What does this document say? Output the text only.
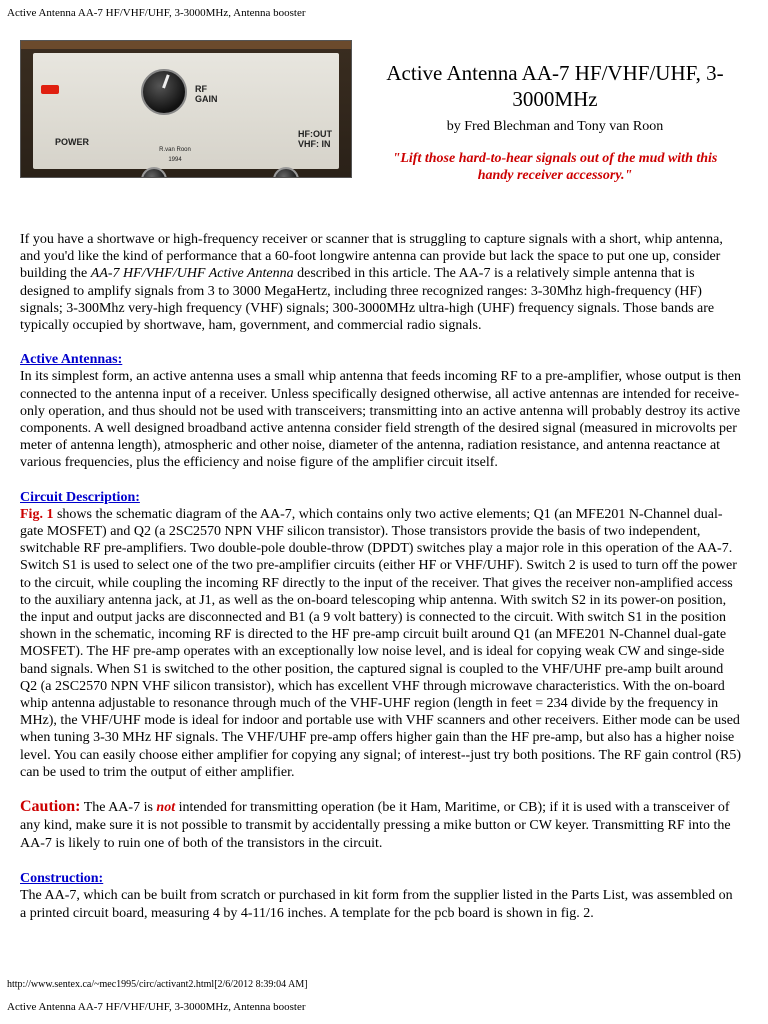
Active Antenna AA-7 HF/VHF/UHF, 3-3000MHz, Antenna booster
RF GAIN
POWER
HF:OUT VHF: IN
R.van Roon 1994
Active Antenna AA-7 HF/VHF/UHF, 3-3000MHz
by Fred Blechman and Tony van Roon
"Lift those hard-to-hear signals out of the mud with this handy receiver accessory."

If you have a shortwave or high-frequency receiver or scanner that is struggling to capture signals with a short, whip antenna, and you'd like the kind of performance that a 60-foot longwire antenna can provide but lack the space to put one up, consider building the AA-7 HF/VHF/UHF Active Antenna described in this article. The AA-7 is a relatively simple antenna that is designed to amplify signals from 3 to 3000 MegaHertz, including three recognized ranges: 3-30Mhz high-frequency (HF) signals; 3-300Mhz very-high frequency (VHF) signals; 300-3000MHz ultra-high (UHF) frequency signals. Those bands are typically occupied by shortwave, ham, government, and commercial radio signals.

Active Antennas:
In its simplest form, an active antenna uses a small whip antenna that feeds incoming RF to a pre-amplifier, whose output is then connected to the antenna input of a receiver. Unless specifically designed otherwise, all active antennas are intended for receive-only operation, and thus should not be used with transceivers; transmitting into an active antenna will probably destroy its active components. A well designed broadband active antenna consider field strength of the desired signal (measured in microvolts per meter of antenna length), atmospheric and other noise, diameter of the antenna, radiation resistance, and antenna reactance at various frequencies, plus the efficiency and noise figure of the amplifier circuit itself.

Circuit Description:
Fig. 1 shows the schematic diagram of the AA-7, which contains only two active elements; Q1 (an MFE201 N-Channel dual-gate MOSFET) and Q2 (a 2SC2570 NPN VHF silicon transistor). Those transistors provide the basis of two independent, switchable RF pre-amplifiers. Two double-pole double-throw (DPDT) switches play a major role in this operation of the AA-7. Switch S1 is used to select one of the two pre-amplifier circuits (either HF or VHF/UHF). Switch 2 is used to turn off the power to the circuit, while coupling the incoming RF directly to the input of the receiver. That gives the receiver non-amplified access to the auxiliary antenna jack, at J1, as well as the on-board telescoping whip antenna. With switch S2 in its power-on position, the input and output jacks are disconnected and B1 (a 9 volt battery) is connected to the circuit. With switch S1 in the position shown in the schematic, incoming RF is directed to the HF pre-amp circuit built around Q1 (an MFE201 N-Channel dual-gate MOSFET). The HF pre-amp operates with an exceptionally low noise level, and is ideal for copying weak CW and singe-side band signals. When S1 is switched to the other position, the captured signal is coupled to the VHF/UHF pre-amp built around Q2 (a 2SC2570 NPN VHF silicon transistor), which has excellent VHF through microwave characteristics. With the on-board whip antenna adjustable to resonance through much of the VHF-UHF region (length in feet = 234 divide by the frequency in MHz), the VHF/UHF mode is ideal for indoor and portable use with VHF scanners and other receivers. Either mode can be used when tuning 3-30 MHz HF signals. The VHF/UHF pre-amp offers higher gain than the HF pre-amp, but also has a higher noise level. You can easily choose either amplifier for copying any signal; of interest--just try both positions. The RF gain control (R5) can be used to trim the output of either amplifier.

Caution: The AA-7 is not intended for transmitting operation (be it Ham, Maritime, or CB); if it is used with a transceiver of any kind, make sure it is not possible to transmit by accidentally pressing a mike button or CW keyer. Transmitting RF into the AA-7 is likely to ruin one of both of the transistors in the circuit.

Construction:
The AA-7, which can be built from scratch or purchased in kit form from the supplier listed in the Parts List, was assembled on a printed circuit board, measuring 4 by 4-11/16 inches. A template for the pcb board is shown in fig. 2.

http://www.sentex.ca/~mec1995/circ/activant2.html[2/6/2012 8:39:04 AM]
Active Antenna AA-7 HF/VHF/UHF, 3-3000MHz, Antenna booster
